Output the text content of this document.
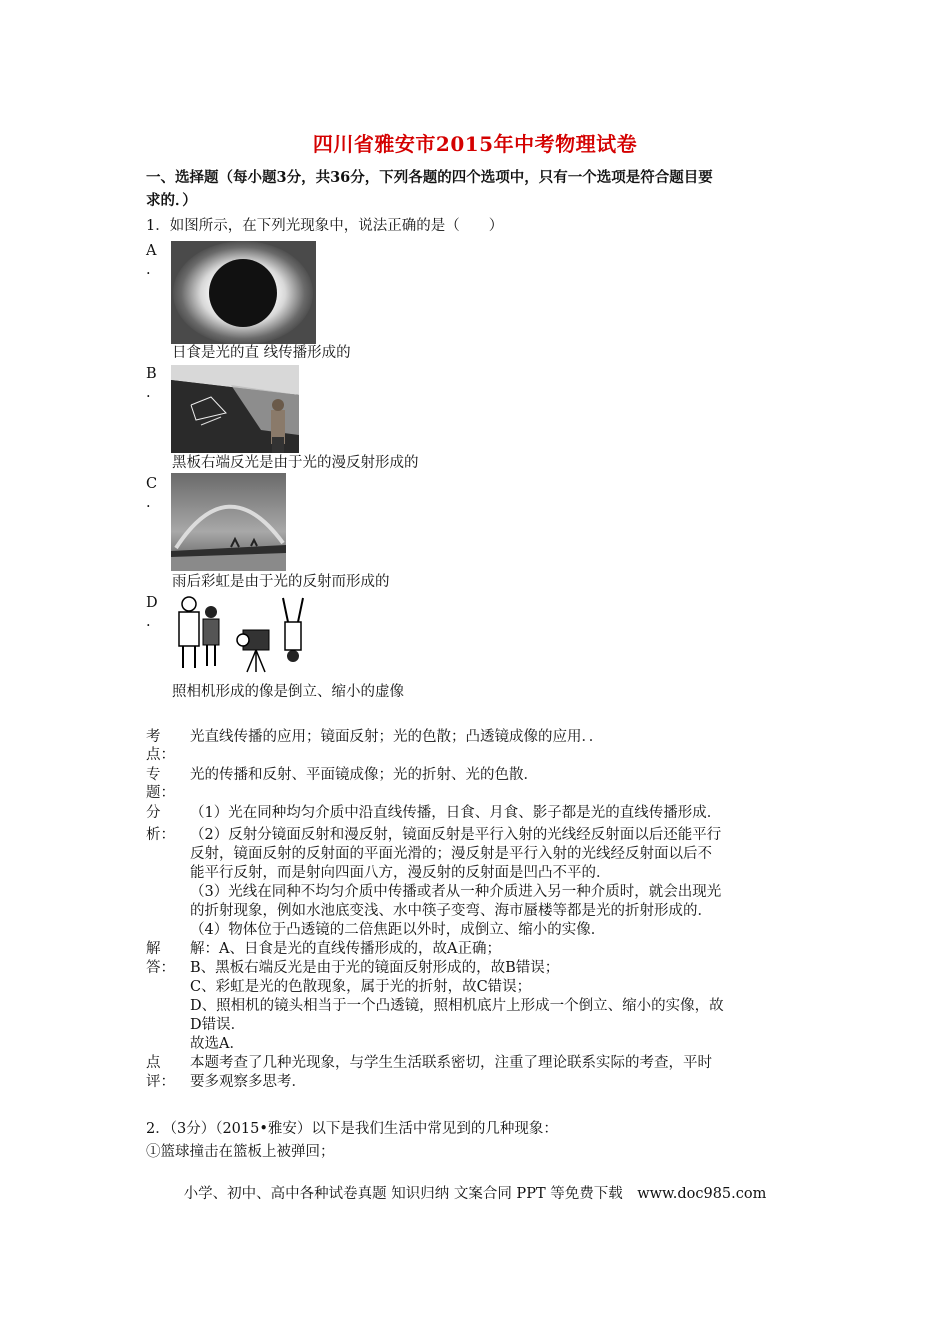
四川省雅安市2015年中考物理试卷
一、选择题（每小题3分，共36分，下列各题的四个选项中，只有一个选项是符合题目要
求的．）
1．如图所示，在下列光现象中，说法正确的是（　　）
A
.
日食是光的直 线传播形成的
B
.
黑板右端反光是由于光的漫反射形成的
C
.
雨后彩虹是由于光的反射而形成的
D
.
照相机形成的像是倒立、缩小的虚像
考
点：
光直线传播的应用；镜面反射；光的色散；凸透镜成像的应用．．
专
题：
光的传播和反射、平面镜成像；光的折射、光的色散．
分
析：
（1）光在同种均匀介质中沿直线传播，日食、月食、影子都是光的直线传播形成．
（2）反射分镜面反射和漫反射，镜面反射是平行入射的光线经反射面以后还能平行
反射，镜面反射的反射面的平面光滑的；漫反射是平行入射的光线经反射面以后不
能平行反射，而是射向四面八方，漫反射的反射面是凹凸不平的．
（3）光线在同种不均匀介质中传播或者从一种介质进入另一种介质时，就会出现光
的折射现象，例如水池底变浅、水中筷子变弯、海市蜃楼等都是光的折射形成的．
（4）物体位于凸透镜的二倍焦距以外时，成倒立、缩小的实像．
解
答：
解：A、日食是光的直线传播形成的，故A正确；
B、黑板右端反光是由于光的镜面反射形成的，故B错误；
C、彩虹是光的色散现象，属于光的折射，故C错误；
D、照相机的镜头相当于一个凸透镜，照相机底片上形成一个倒立、缩小的实像，故
D错误．
故选A．
点
评：
本题考查了几种光现象，与学生生活联系密切，注重了理论联系实际的考查，平时
要多观察多思考．
2．（3分）（2015•雅安）以下是我们生活中常见到的几种现象：
①篮球撞击在篮板上被弹回；
小学、初中、高中各种试卷真题 知识归纳 文案合同 PPT 等免费下载　www.doc985.com
